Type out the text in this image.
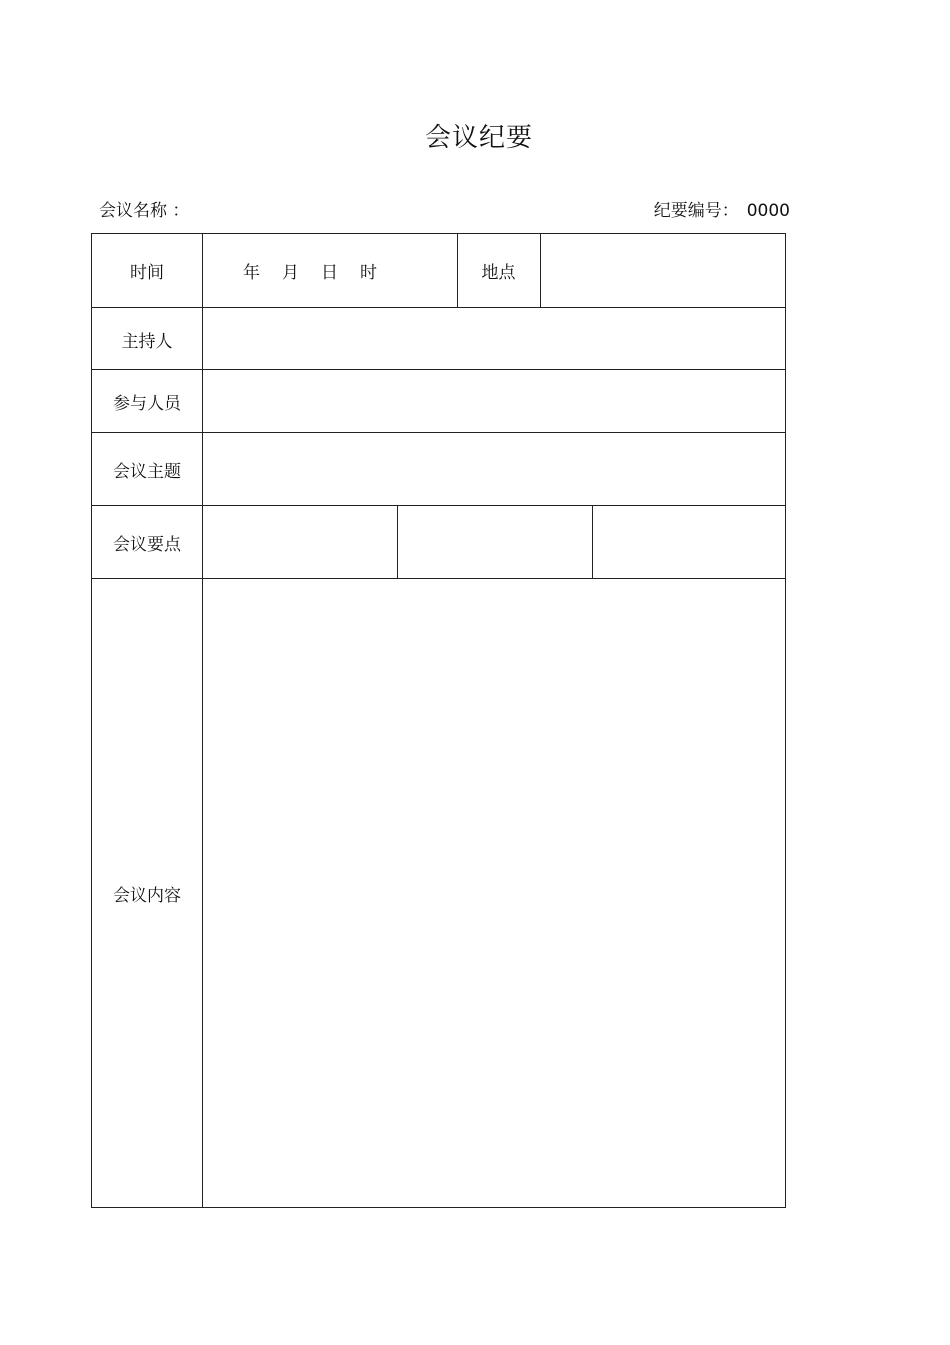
会议纪要
会议名称 ：	纪要编号： 0000
时间	年 月 日 时	地点
主持人
参与人员
会议主题
会议要点
会议内容
